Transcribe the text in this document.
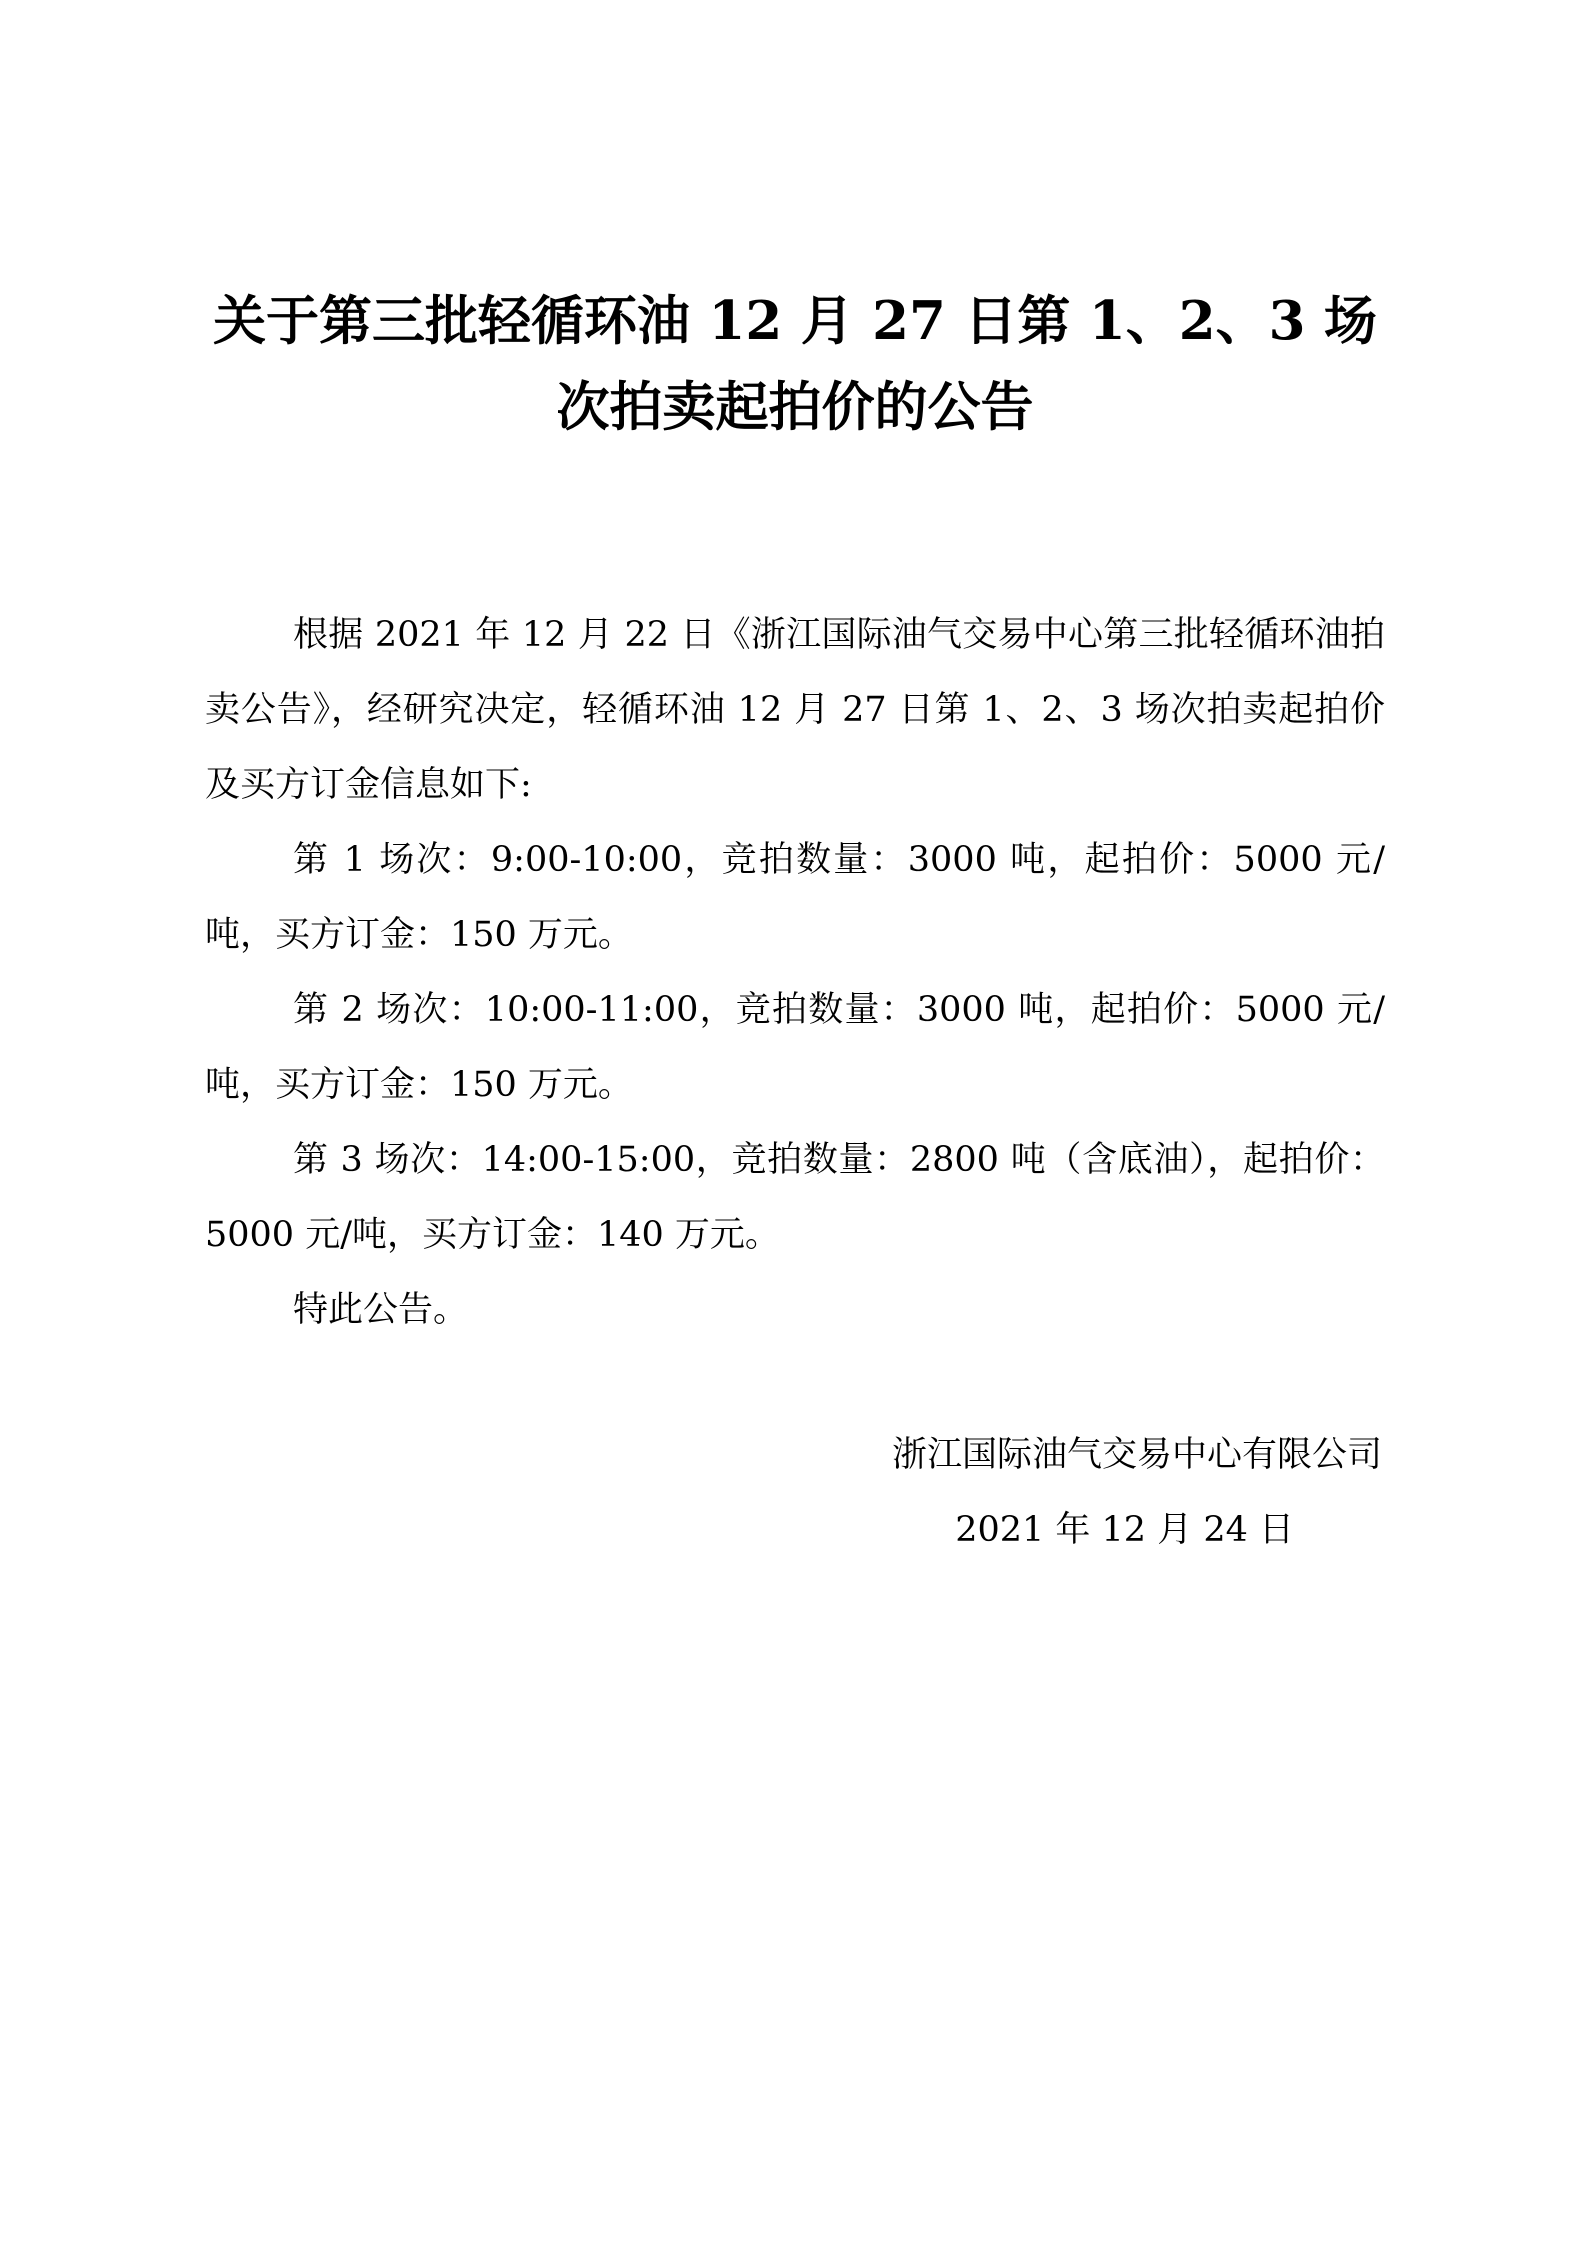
关于第三批轻循环油 12 月 27 日第 1、2、3 场
次拍卖起拍价的公告

根据 2021 年 12 月 22 日《浙江国际油气交易中心第三批轻循环油拍卖公告》，经研究决定，轻循环油 12 月 27 日第 1、2、3 场次拍卖起拍价及买方订金信息如下:

第 1 场次：9:00-10:00，竞拍数量：3000 吨，起拍价：5000 元/吨，买方订金：150 万元。

第 2 场次：10:00-11:00，竞拍数量：3000 吨，起拍价：5000 元/吨，买方订金：150 万元。

第 3 场次：14:00-15:00，竞拍数量：2800 吨（含底油），起拍价：5000 元/吨，买方订金：140 万元。

特此公告。

浙江国际油气交易中心有限公司
2021 年 12 月 24 日
